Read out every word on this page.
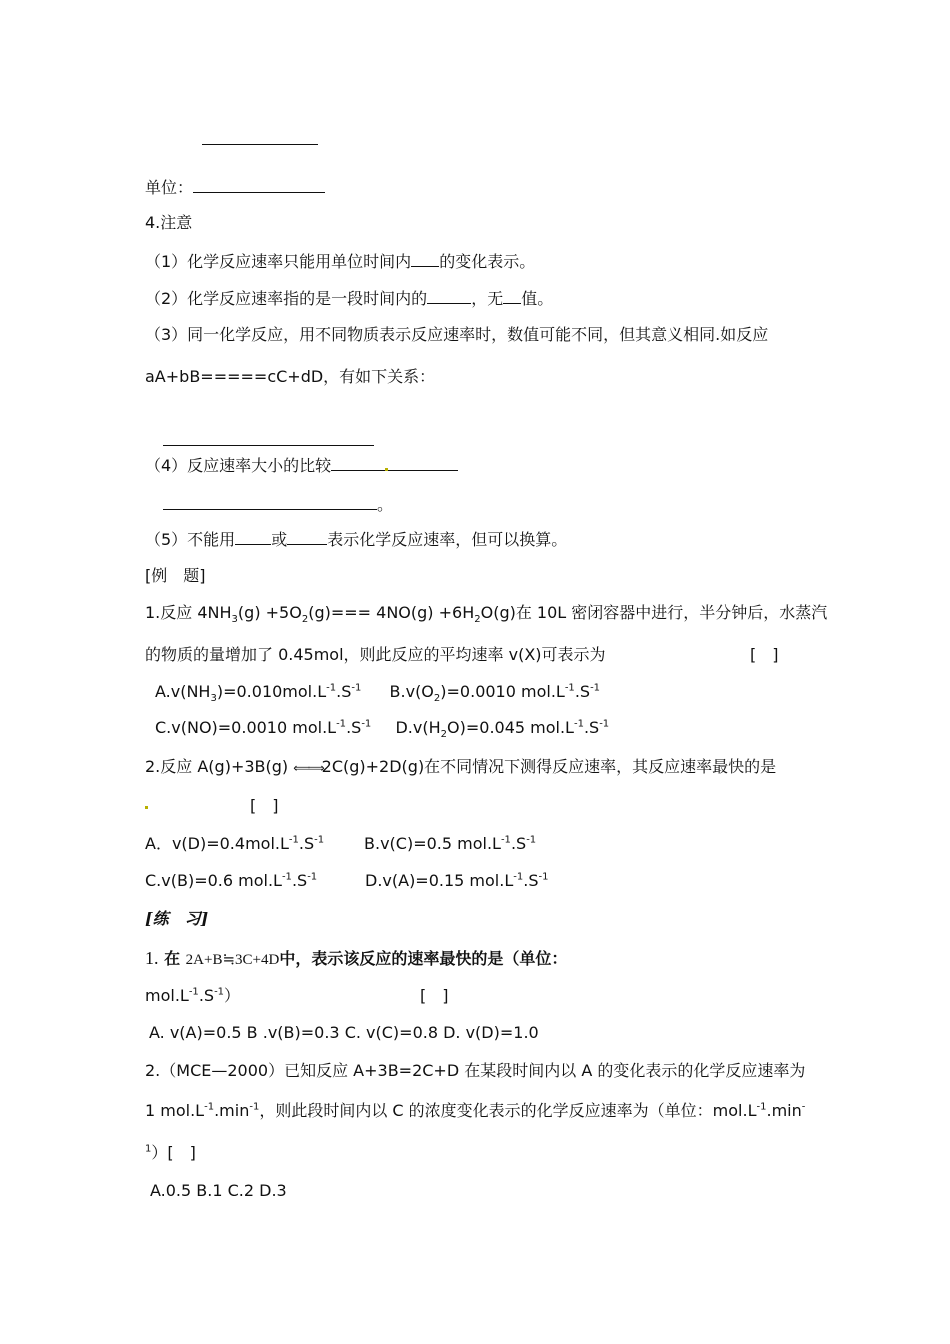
单位：
4.注意
（1）化学反应速率只能用单位时间内 的变化表示。
（2）化学反应速率指的是一段时间内的	，无 值。
（3）同一化学反应，用不同物质表示反应速率时，数值可能不同，但其意义相同.如反应
aA+bB=====cC+dD，有如下关系：
（4）反应速率大小的比较
。
（5）不能用 或	表示化学反应速率，但可以换算。
[例　题]
1.反应 $4NH_3(g) +5O_2(g)=== 4NO(g) +6H_2O(g)$在 10L 密闭容器中进行，半分钟后，水蒸汽
的物质的量增加了 0.45mol，则此反应的平均速率 v(X)可表示为	[　]
$A.v(NH_3)=0.010mol.L^{-1}.S^{-1}$ $B.v(O_2)=0.0010$ $mol.L^{-1}.S^{-1}$
C.v(NO)=0.0010 $mol.L^{-1}.S^{-1}$ $D.v(H_2O)=0.045$ $mol.L^{-1}.S^{-1}$
2.反应 A(g)+3B(g) ⟸⟹2C(g)+2D(g)在不同情况下测得反应速率，其反应速率最快的是
[　]
A．$v(D)=0.4mol.L^{-1}.S^{-1}$ B.v(C)=0.5 $mol.L^{-1}.S^{-1}$
C.v(B)=0.6 $mol.L^{-1}.S^{-1}$	D.v(A)=0.15 $mol.L^{-1}.S^{-1}$
[练　习]
1. 在 2A+B≒3C+4D中，表示该反应的速率最快的是（单位：
$mol.L^{-1}.S^{-1}$）	[　]
A. v(A)=0.5 B .v(B)=0.3 C. v(C)=0.8 D. v(D)=1.0
2.（MCE—2000）已知反应 A+3B=2C+D 在某段时间内以 A 的变化表示的化学反应速率为
1 $mol.L^{-1}.\min^{-1}$，则此段时间内以 C 的浓度变化表示的化学反应速率为（单位：$mol.L^{-1}.\min^-$
$^1$）[　]
A.0.5 B.1 C.2 D.3
